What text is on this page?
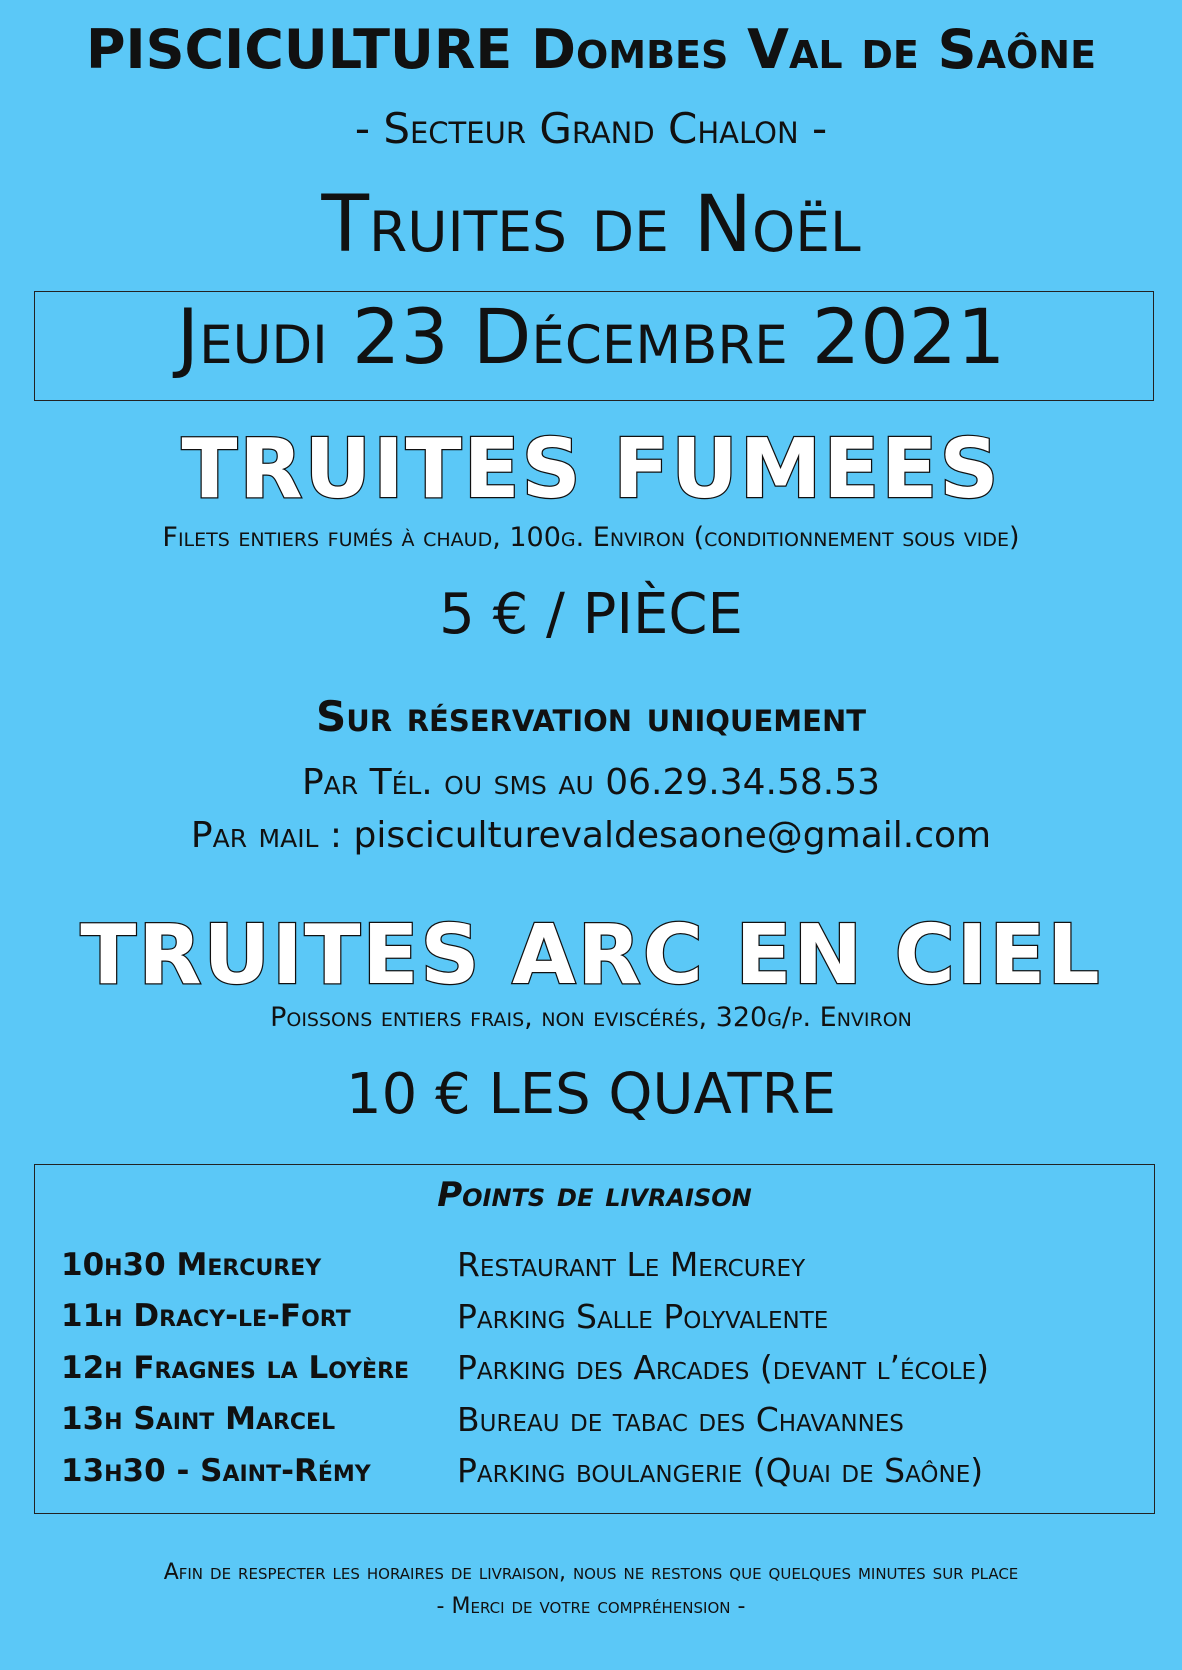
PISCICULTURE Dombes Val de Saône
- Secteur Grand Chalon -
Truites de Noël
Jeudi 23 Décembre 2021
TRUITES FUMEES
Filets entiers fumés à chaud, 100g. Environ (conditionnement sous vide)
5 € / PIÈCE
Sur réservation uniquement
Par Tél. ou sms au 06.29.34.58.53
Par mail : pisciculturevaldesaone@gmail.com
TRUITES ARC EN CIEL
Poissons entiers frais, non eviscérés, 320g/p. Environ
10 € LES QUATRE
Points de livraison
10h30 Mercurey	Restaurant Le Mercurey
11h Dracy-le-Fort	Parking Salle Polyvalente
12h Fragnes la Loyère	Parking des Arcades (devant l’école)
13h Saint Marcel	Bureau de tabac des Chavannes
13h30 - Saint-Rémy	Parking boulangerie (Quai de Saône)
Afin de respecter les horaires de livraison, nous ne restons que quelques minutes sur place
- Merci de votre compréhension -
